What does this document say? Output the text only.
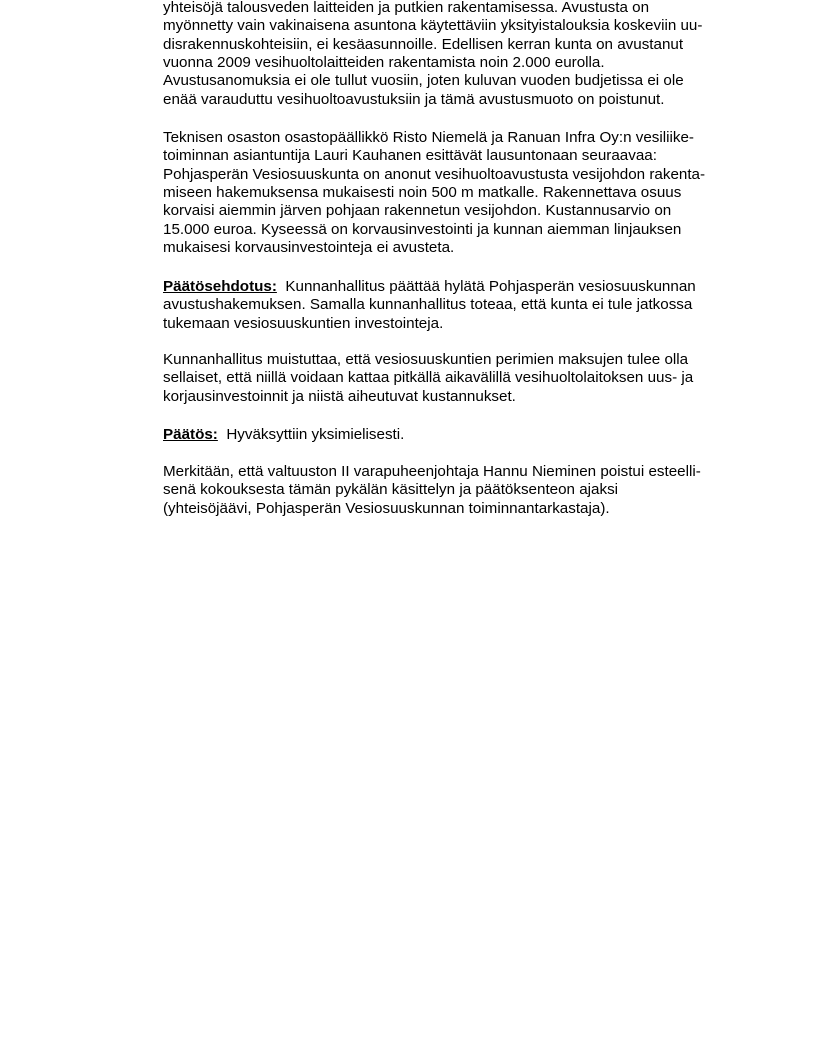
yhteisöjä talousveden laitteiden ja putkien rakentamisessa. Avustusta on
myönnetty vain vakinaisena asuntona käytettäviin yksityistalouksia koskeviin uu-
disrakennuskohteisiin, ei kesäasunnoille. Edellisen kerran kunta on avustanut
vuonna 2009 vesihuoltolaitteiden rakentamista noin 2.000 eurolla.
Avustusanomuksia ei ole tullut vuosiin, joten kuluvan vuoden budjetissa ei ole
enää varauduttu vesihuoltoavustuksiin ja tämä avustusmuoto on poistunut.
Teknisen osaston osastopäällikkö Risto Niemelä ja Ranuan Infra Oy:n vesiliike-
toiminnan asiantuntija Lauri Kauhanen esittävät lausuntonaan seuraavaa:
Pohjasperän Vesiosuuskunta on anonut vesihuoltoavustusta vesijohdon rakenta-
miseen hakemuksensa mukaisesti noin 500 m matkalle. Rakennettava osuus
korvaisi aiemmin järven pohjaan rakennetun vesijohdon. Kustannusarvio on
15.000 euroa. Kyseessä on korvausinvestointi ja kunnan aiemman linjauksen
mukaisesi korvausinvestointeja ei avusteta.
Päätösehdotus:  Kunnanhallitus päättää hylätä Pohjasperän vesiosuuskunnan
avustushakemuksen. Samalla kunnanhallitus toteaa, että kunta ei tule jatkossa
tukemaan vesiosuuskuntien investointeja.
Kunnanhallitus muistuttaa, että vesiosuuskuntien perimien maksujen tulee olla
sellaiset, että niillä voidaan kattaa pitkällä aikavälillä vesihuoltolaitoksen uus- ja
korjausinvestoinnit ja niistä aiheutuvat kustannukset.
Päätös:  Hyväksyttiin yksimielisesti.
Merkitään, että valtuuston II varapuheenjohtaja Hannu Nieminen poistui esteelli-
senä kokouksesta tämän pykälän käsittelyn ja päätöksenteon ajaksi
(yhteisöjäävi, Pohjasperän Vesiosuuskunnan toiminnantarkastaja).
